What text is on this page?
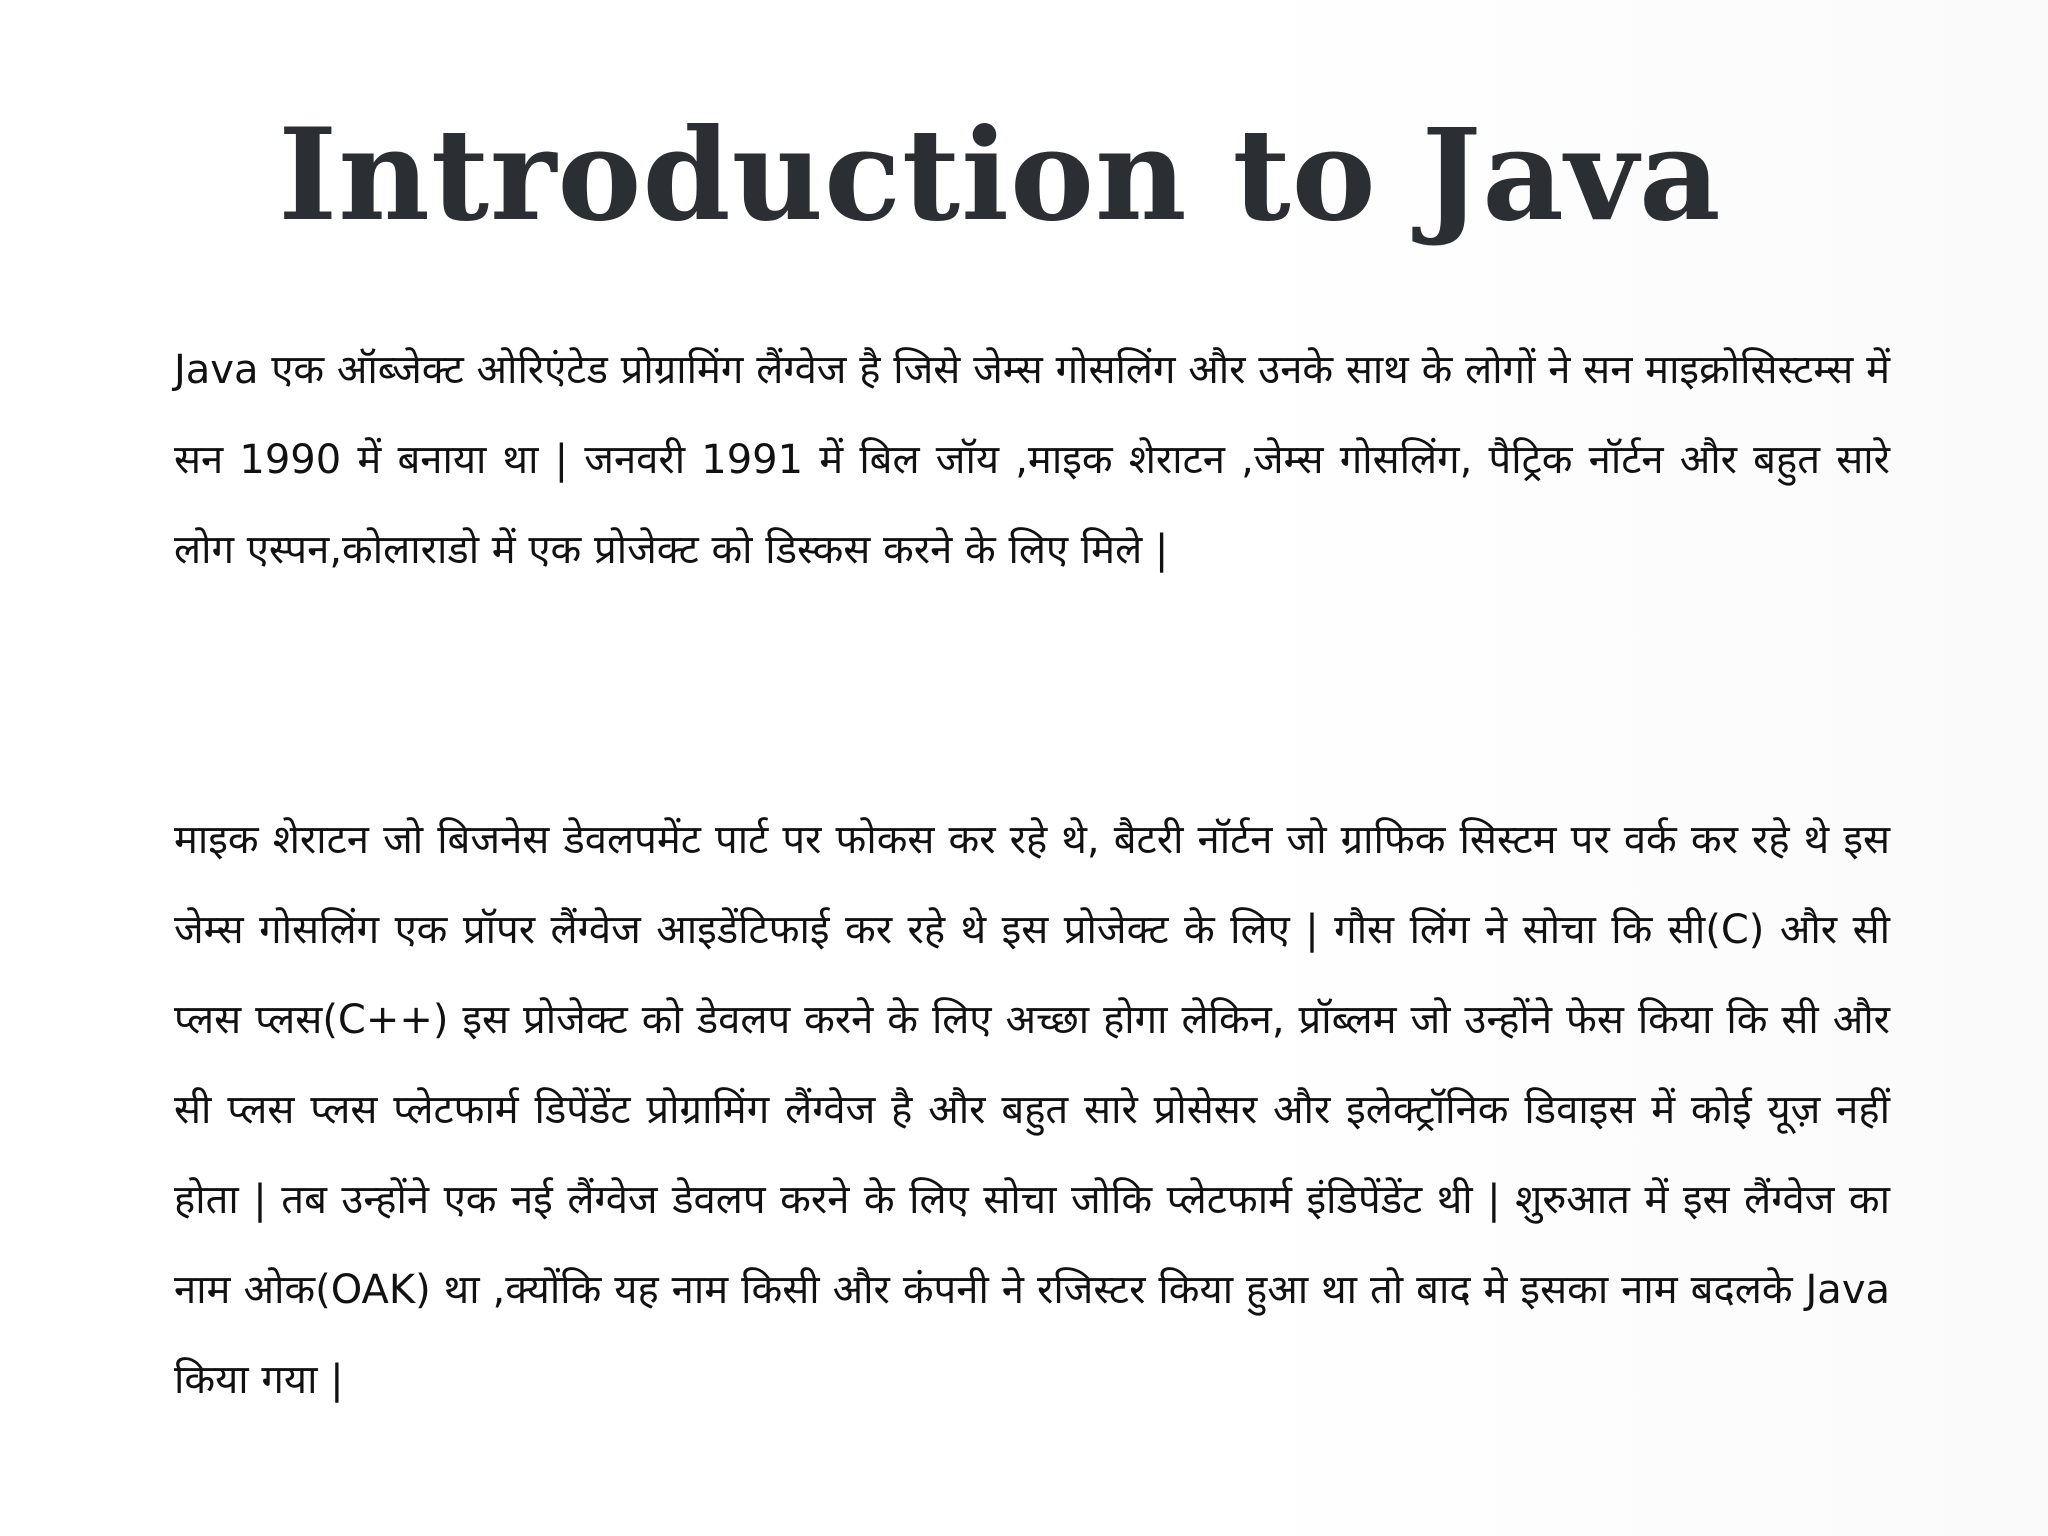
Introduction to Java

Java एक ऑब्जेक्ट ओरिएंटेड प्रोग्रामिंग लैंग्वेज है जिसे जेम्स गोसलिंग और उनके साथ के लोगों ने सन माइक्रोसिस्टम्स में सन 1990 में बनाया था | जनवरी 1991 में बिल जॉय ,माइक शेराटन ,जेम्स गोसलिंग, पैट्रिक नॉर्टन और बहुत सारे लोग एस्पन,कोलाराडो में एक प्रोजेक्ट को डिस्कस करने के लिए मिले |

माइक शेराटन जो बिजनेस डेवलपमेंट पार्ट पर फोकस कर रहे थे, बैटरी नॉर्टन जो ग्राफिक सिस्टम पर वर्क कर रहे थे इस जेम्स गोसलिंग एक प्रॉपर लैंग्वेज आइडेंटिफाई कर रहे थे इस प्रोजेक्ट के लिए | गौस लिंग ने सोचा कि सी(C) और सी प्लस प्लस(C++) इस प्रोजेक्ट को डेवलप करने के लिए अच्छा होगा लेकिन, प्रॉब्लम जो उन्होंने फेस किया कि सी और सी प्लस प्लस प्लेटफार्म डिपेंडेंट प्रोग्रामिंग लैंग्वेज है और बहुत सारे प्रोसेसर और इलेक्ट्रॉनिक डिवाइस में कोई यूज़ नहीं होता | तब उन्होंने एक नई लैंग्वेज डेवलप करने के लिए सोचा जोकि प्लेटफार्म इंडिपेंडेंट थी | शुरुआत में इस लैंग्वेज का नाम ओक(OAK) था ,क्योंकि यह नाम किसी और कंपनी ने रजिस्टर किया हुआ था तो बाद मे इसका नाम बदलके Java किया गया |
